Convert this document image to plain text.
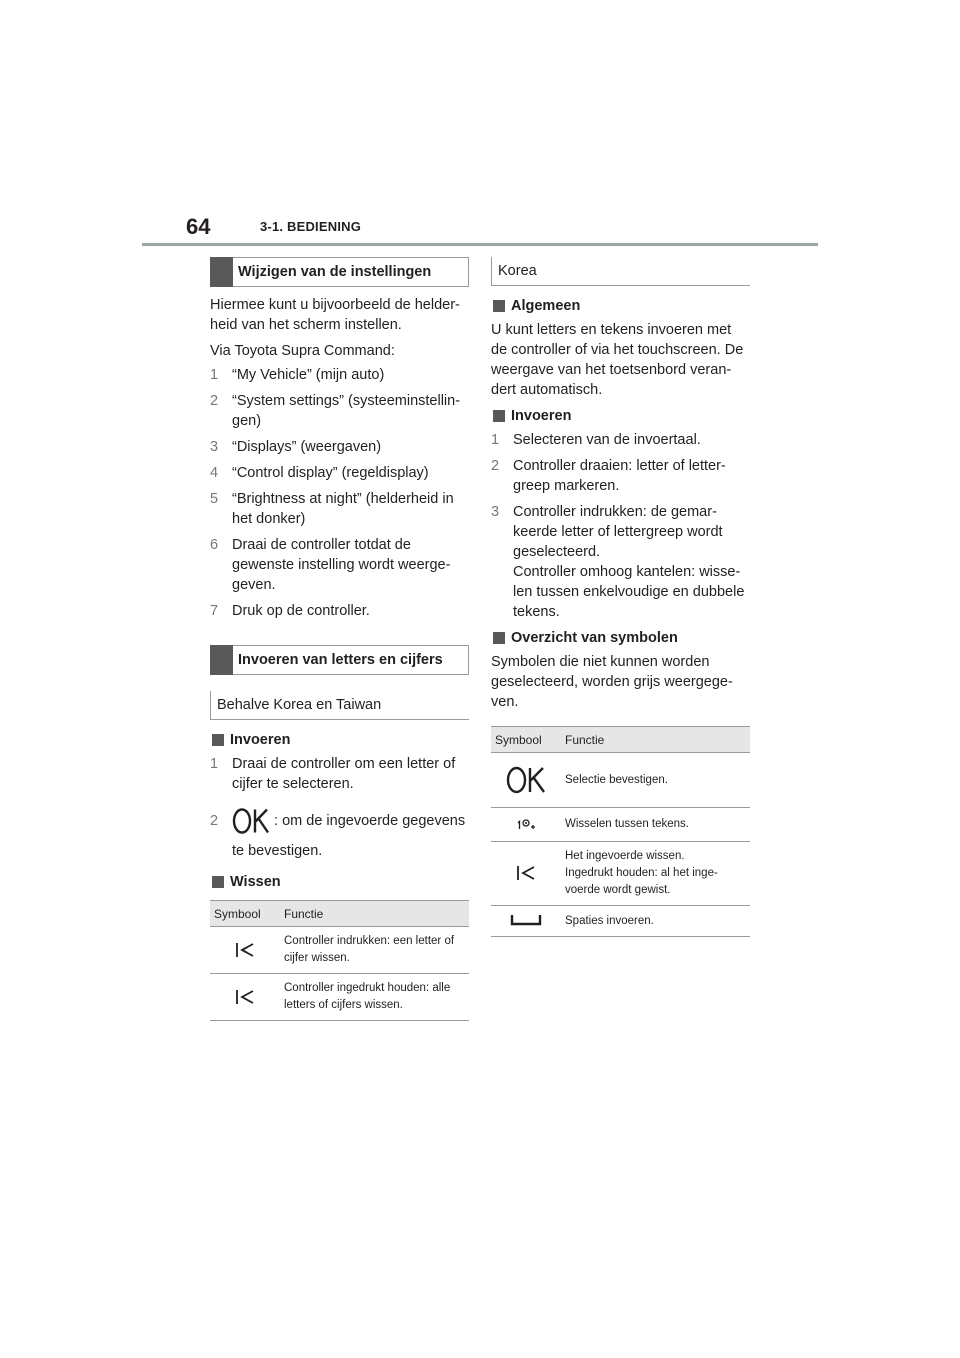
64	3-1. BEDIENING
Wijzigen van de instellingen

Hiermee kunt u bijvoorbeeld de helder-heid van het scherm instellen.

Via Toyota Supra Command:

1 “My Vehicle” (mijn auto)
2 “System settings” (systeeminstellin-gen)
3 “Displays” (weergaven)
4 “Control display” (regeldisplay)
5 “Brightness at night” (helderheid in het donker)
6 Draai de controller totdat de gewenste instelling wordt weerge-geven.
7 Druk op de controller.
Invoeren van letters en cijfers
Behalve Korea en Taiwan
Invoeren
1 Draai de controller om een letter of cijfer te selecteren.
2	: om de ingevoerde gegevens te bevestigen.
Wissen
Symbool	Functie
	Controller indrukken: een letter of cijfer wissen.
	Controller ingedrukt houden: alle letters of cijfers wissen.
Korea
Algemeen

U kunt letters en tekens invoeren met de controller of via het touchscreen. De weergave van het toetsenbord veran-dert automatisch.

Invoeren
1 Selecteren van de invoertaal.
2 Controller draaien: letter of letter-greep markeren.
3 Controller indrukken: de gemar-keerde letter of lettergreep wordt geselecteerd.
Controller omhoog kantelen: wisse-len tussen enkelvoudige en dubbele tekens.
Overzicht van symbolen

Symbolen die niet kunnen worden geselecteerd, worden grijs weergege-ven.

Symbool	Functie
	Selectie bevestigen.
	Wisselen tussen tekens.
	Het ingevoerde wissen.
Ingedrukt houden: al het inge-voerde wordt gewist.
	Spaties invoeren.
